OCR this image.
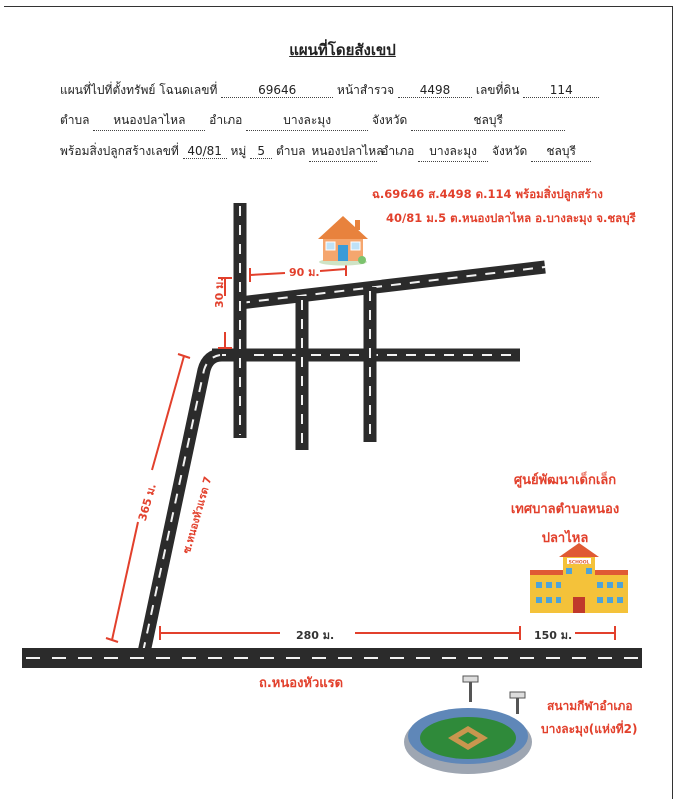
แผนที่โดยสังเขป
แผนที่ไปที่ตั้งทรัพย์ โฉนดเลขที่	69646	หน้าสำรวจ 4498 เลขที่ดิน	114
ตำบล หนองปลาไหล อำเภอ	บางละมุง	จังหวัด	ชลบุรี
พร้อมสิ่งปลูกสร้างเลขที่ 40/81 หมู่ 5 ตำบล หนองปลาไหล อำเภอ บางละมุง จังหวัด ชลบุรี
SCHOOL
ฉ.69646 ส.4498 ด.114 พร้อมสิ่งปลูกสร้าง
40/81 ม.5 ต.หนองปลาไหล อ.บางละมุง จ.ชลบุรี
90 ม.
30 ม.
365 ม. ซ.หนองหัวแรด 7
280 ม.	150 ม.
ถ.หนองหัวแรด
ศูนย์พัฒนาเด็กเล็ก
เทศบาลตำบลหนอง
ปลาไหล
สนามกีฬาอำเภอ
บางละมุง(แห่งที่2)
